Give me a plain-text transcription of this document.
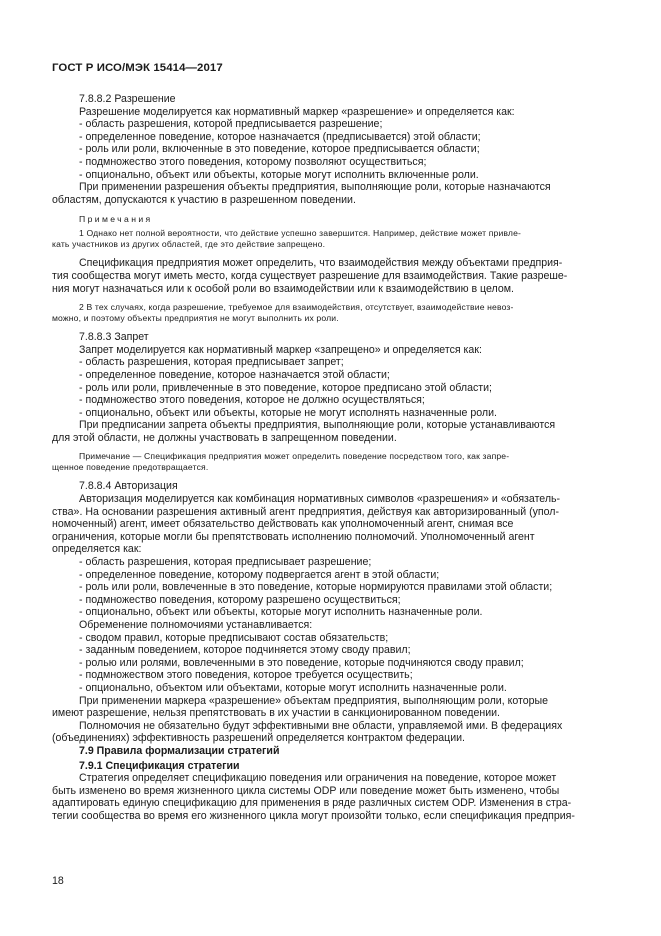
ГОСТ Р ИСО/МЭК 15414—2017
7.8.8.2 Разрешение
Разрешение моделируется как нормативный маркер «разрешение» и определяется как:
- область разрешения, которой предписывается разрешение;
- определенное поведение, которое назначается (предписывается) этой области;
- роль или роли, включенные в это поведение, которое предписывается области;
- подмножество этого поведения, которому позволяют осуществиться;
- опционально, объект или объекты, которые могут исполнить включенные роли.
При применении разрешения объекты предприятия, выполняющие роли, которые назначаются
областям, допускаются к участию в разрешенном поведении.
Примечания
1 Однако нет полной вероятности, что действие успешно завершится. Например, действие может привле-
кать участников из других областей, где это действие запрещено.
Спецификация предприятия может определить, что взаимодействия между объектами предприя-
тия сообщества могут иметь место, когда существует разрешение для взаимодействия. Такие разреше-
ния могут назначаться или к особой роли во взаимодействии или к взаимодействию в целом.
2 В тех случаях, когда разрешение, требуемое для взаимодействия, отсутствует, взаимодействие невоз-
можно, и поэтому объекты предприятия не могут выполнить их роли.
7.8.8.3 Запрет
Запрет моделируется как нормативный маркер «запрещено» и определяется как:
- область разрешения, которая предписывает запрет;
- определенное поведение, которое назначается этой области;
- роль или роли, привлеченные в это поведение, которое предписано этой области;
- подмножество этого поведения, которое не должно осуществляться;
- опционально, объект или объекты, которые не могут исполнять назначенные роли.
При предписании запрета объекты предприятия, выполняющие роли, которые устанавливаются
для этой области, не должны участвовать в запрещенном поведении.
Примечание — Спецификация предприятия может определить поведение посредством того, как запре-
щенное поведение предотвращается.
7.8.8.4 Авторизация
Авторизация моделируется как комбинация нормативных символов «разрешения» и «обязатель-
ства». На основании разрешения активный агент предприятия, действуя как авторизированный (упол-
номоченный) агент, имеет обязательство действовать как уполномоченный агент, снимая все
ограничения, которые могли бы препятствовать исполнению полномочий. Уполномоченный агент
определяется как:
- область разрешения, которая предписывает разрешение;
- определенное поведение, которому подвергается агент в этой области;
- роль или роли, вовлеченные в это поведение, которые нормируются правилами этой области;
- подмножество поведения, которому разрешено осуществиться;
- опционально, объект или объекты, которые могут исполнить назначенные роли.
Обременение полномочиями устанавливается:
- сводом правил, которые предписывают состав обязательств;
- заданным поведением, которое подчиняется этому своду правил;
- ролью или ролями, вовлеченными в это поведение, которые подчиняются своду правил;
- подмножеством этого поведения, которое требуется осуществить;
- опционально, объектом или объектами, которые могут исполнить назначенные роли.
При применении маркера «разрешение» объектам предприятия, выполняющим роли, которые
имеют разрешение, нельзя препятствовать в их участии в санкционированном поведении.
Полномочия не обязательно будут эффективными вне области, управляемой ими. В федерациях
(объединениях) эффективность разрешений определяется контрактом федерации.
7.9 Правила формализации стратегий
7.9.1 Спецификация стратегии
Стратегия определяет спецификацию поведения или ограничения на поведение, которое может
быть изменено во время жизненного цикла системы ODP или поведение может быть изменено, чтобы
адаптировать единую спецификацию для применения в ряде различных систем ODP. Изменения в стра-
тегии сообщества во время его жизненного цикла могут произойти только, если спецификация предприя-
18
